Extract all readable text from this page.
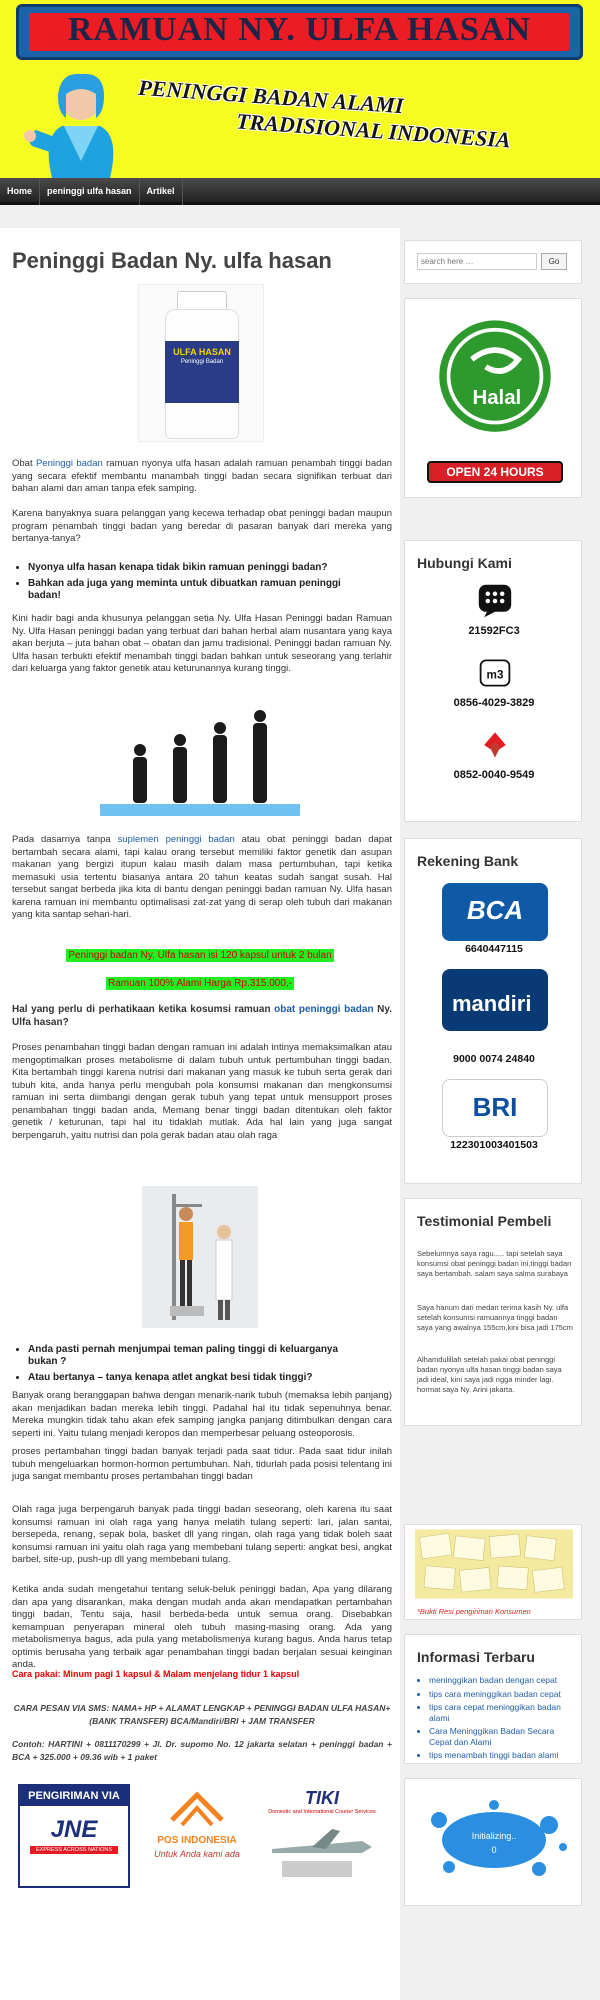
RAMUAN NY. ULFA HASAN
PENINGGI BADAN ALAMI
TRADISIONAL INDONESIA
Home	peninggi ulfa hasan	Artikel
Peninggi Badan Ny. ulfa hasan
ULFA HASAN
Peninggi Badan
Obat Peninggi badan ramuan nyonya ulfa hasan adalah ramuan penambah tinggi badan yang secara efektif membantu manambah tinggi badan secara signifikan terbuat dari bahan alami dan aman tanpa efek samping.
Karena banyaknya suara pelanggan yang kecewa terhadap obat peninggi badan maupun program penambah tinggi badan yang beredar di pasaran banyak dari mereka yang bertanya-tanya?
• Nyonya ulfa hasan kenapa tidak bikin ramuan peninggi badan?
• Bahkan ada juga yang meminta untuk dibuatkan ramuan peninggi badan!
Kini hadir bagi anda khusunya pelanggan setia Ny. Ulfa Hasan Peninggi badan Ramuan Ny. Ulfa Hasan peninggi badan yang terbuat dari bahan herbal alam nusantara yang kaya akan berjuta – juta bahan obat – obatan dan jamu tradisional. Peninggi badan ramuan Ny. Ulfa hasan terbukti efektif menambah tinggi badan bahkan untuk seseorang yang terlahir dari keluarga yang faktor genetik atau keturunannya kurang tinggi.
Pada dasarnya tanpa suplemen peninggi badan atau obat peninggi badan dapat bertambah secara alami, tapi kalau orang tersebut memiliki faktor genetik dan asupan makanan yang bergizi itupun kalau masih dalam masa pertumbuhan, tapi ketika memasuki usia tertentu biasanya antara 20 tahun keatas sudah sangat susah. Hal tersebut sangat berbeda jika kita di bantu dengan peninggi badan ramuan Ny. Ulfa hasan karena ramuan ini membantu optimalisasi zat-zat yang di serap oleh tubuh dari makanan yang kita santap sehari-hari.
Peninggi badan Ny. Ulfa hasan isi 120 kapsul untuk 2 bulan
Ramuan 100% Alami Harga Rp.315.000,-
Hal yang perlu di perhatikaan ketika kosumsi ramuan obat peninggi badan Ny. Ulfa hasan?
Proses penambahan tinggi badan dengan ramuan ini adalah intinya memaksimalkan atau mengoptimalkan proses metabolisme di dalam tubuh untuk pertumbuhan tinggi badan. Kita bertambah tinggi karena nutrisi dari makanan yang masuk ke tubuh serta gerak dari tubuh kita, anda hanya perlu mengubah pola konsumsi makanan dan mengkonsumsi ramuan ini serta diimbangi dengan gerak tubuh yang tepat untuk mensupport proses penambahan tinggi badan anda, Memang benar tinggi badan ditentukan oleh faktor genetik / keturunan, tapi hal itu tidaklah mutlak. Ada hal lain yang juga sangat berpengaruh, yaitu nutrisi dan pola gerak badan atau olah raga
• Anda pasti pernah menjumpai teman paling tinggi di keluarganya bukan ?
• Atau bertanya – tanya kenapa atlet angkat besi tidak tinggi?
Banyak orang beranggapan bahwa dengan menarik-narik tubuh (memaksa lebih panjang) akan menjadikan badan mereka lebih tinggi. Padahal hal itu tidak sepenuhnya benar. Mereka mungkin tidak tahu akan efek samping jangka panjang ditimbulkan dengan cara seperti ini. Yaitu tulang menjadi keropos dan memperbesar peluang osteoporosis.
proses pertambahan tinggi badan banyak terjadi pada saat tidur. Pada saat tidur inilah tubuh mengeluarkan hormon-hormon pertumbuhan. Nah, tidurlah pada posisi telentang ini juga sangat membantu proses pertambahan tinggi badan
Olah raga juga berpengaruh banyak pada tinggi badan seseorang, oleh karena itu saat konsumsi ramuan ini olah raga yang hanya melatih tulang seperti: lari, jalan santai, bersepeda, renang, sepak bola, basket dll yang ringan, olah raga yang tidak boleh saat konsumsi ramuan ini yaitu olah raga yang membebani tulang seperti: angkat besi, angkat barbel, site-up, push-up dll yang membebani tulang.
Ketika anda sudah mengetahui tentang seluk-beluk peninggi badan, Apa yang dilarang dan apa yang disarankan, maka dengan mudah anda akan mendapatkan pertambahan tinggi badan, Tentu saja, hasil berbeda-beda untuk semua orang. Disebabkan kemampuan penyerapan mineral oleh tubuh masing-masing orang. Ada yang metabolismenya bagus, ada pula yang metabolismenya kurang bagus. Anda harus tetap optimis berusaha yang terbaik agar penambahan tinggi badan berjalan sesuai keinginan anda.
Cara pakai: Minum pagi 1 kapsul & Malam menjelang tidur 1 kapsul
CARA PESAN VIA SMS: NAMA+ HP + ALAMAT LENGKAP + PENINGGI BADAN ULFA HASAN+(BANK TRANSFER) BCA/Mandiri/BRI + JAM TRANSFER
Contoh: HARTINI + 0811170299 + Jl. Dr. supomo No. 12 jakarta selatan + peninggi badan + BCA + 325.000 + 09.36 wib + 1 paket
PENGIRIMAN VIA
JNE
EXPRESS ACROSS NATIONS
POS INDONESIA
Untuk Anda kami ada
TIKI
Domestic and International Courier Services
search here …
Go
Halal
OPEN 24 HOURS
Hubungi Kami
21592FC3
m3
0856-4029-3829
0852-0040-9549
Rekening Bank
BCA
6640447115
mandiri
9000 0074 24840
BRI
122301003401503
Testimonial Pembeli
Sebelumnya saya ragu..... tapi setelah saya konsumsi obat peninggi badan ini,tinggi badan saya bertambah. salam saya salma surabaya
Saya hanum dari medan terima kasih Ny. ulfa setelah konsumsi ramuannya tinggi badan saya yang awalnya 155cm,kini bisa jadi 175cm
Alhamdulillah setelah pakai obat peninggi badan nyonya ulfa hasan tinggi badan saya jadi ideal, kini saya jadi ngga minder lagi. hormat saya Ny. Arini jakarta.
*Bukti Resi pengiriman Konsumen
Informasi Terbaru
• meninggikan badan dengan cepat
• tips cara meninggikan badan cepat
• tips cara cepat meninggikan badan alami
• Cara Meninggikan Badan Secara Cepat dan Alami
• tips menambah tinggi badan alami
Initializing..
0
